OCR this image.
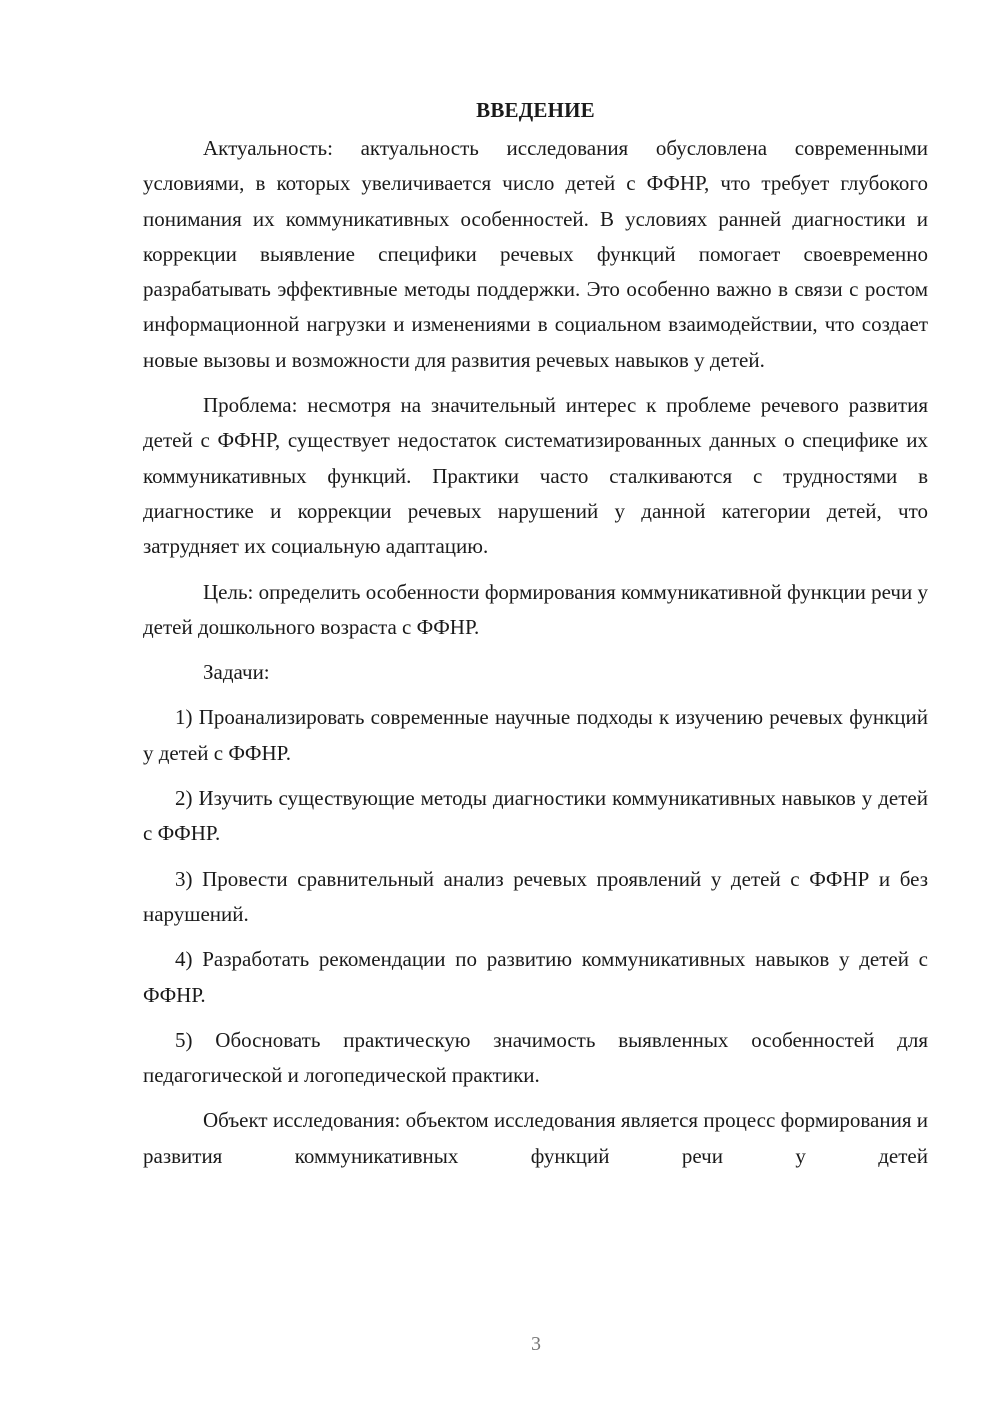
ВВЕДЕНИЕ

Актуальность: актуальность исследования обусловлена современными условиями, в которых увеличивается число детей с ФФНР, что требует глубокого понимания их коммуникативных особенностей. В условиях ранней диагностики и коррекции выявление специфики речевых функций помогает своевременно разрабатывать эффективные методы поддержки. Это особенно важно в связи с ростом информационной нагрузки и изменениями в социальном взаимодействии, что создает новые вызовы и возможности для развития речевых навыков у детей.

Проблема: несмотря на значительный интерес к проблеме речевого развития детей с ФФНР, существует недостаток систематизированных данных о специфике их коммуникативных функций. Практики часто сталкиваются с трудностями в диагностике и коррекции речевых нарушений у данной категории детей, что затрудняет их социальную адаптацию.

Цель: определить особенности формирования коммуникативной функции речи у детей дошкольного возраста с ФФНР.

Задачи:

1) Проанализировать современные научные подходы к изучению речевых функций у детей с ФФНР.

2) Изучить существующие методы диагностики коммуникативных навыков у детей с ФФНР.

3) Провести сравнительный анализ речевых проявлений у детей с ФФНР и без нарушений.

4) Разработать рекомендации по развитию коммуникативных навыков у детей с ФФНР.

5) Обосновать практическую значимость выявленных особенностей для педагогической и логопедической практики.

Объект исследования: объектом исследования является процесс формирования и развития коммуникативных функций речи у детей

3
